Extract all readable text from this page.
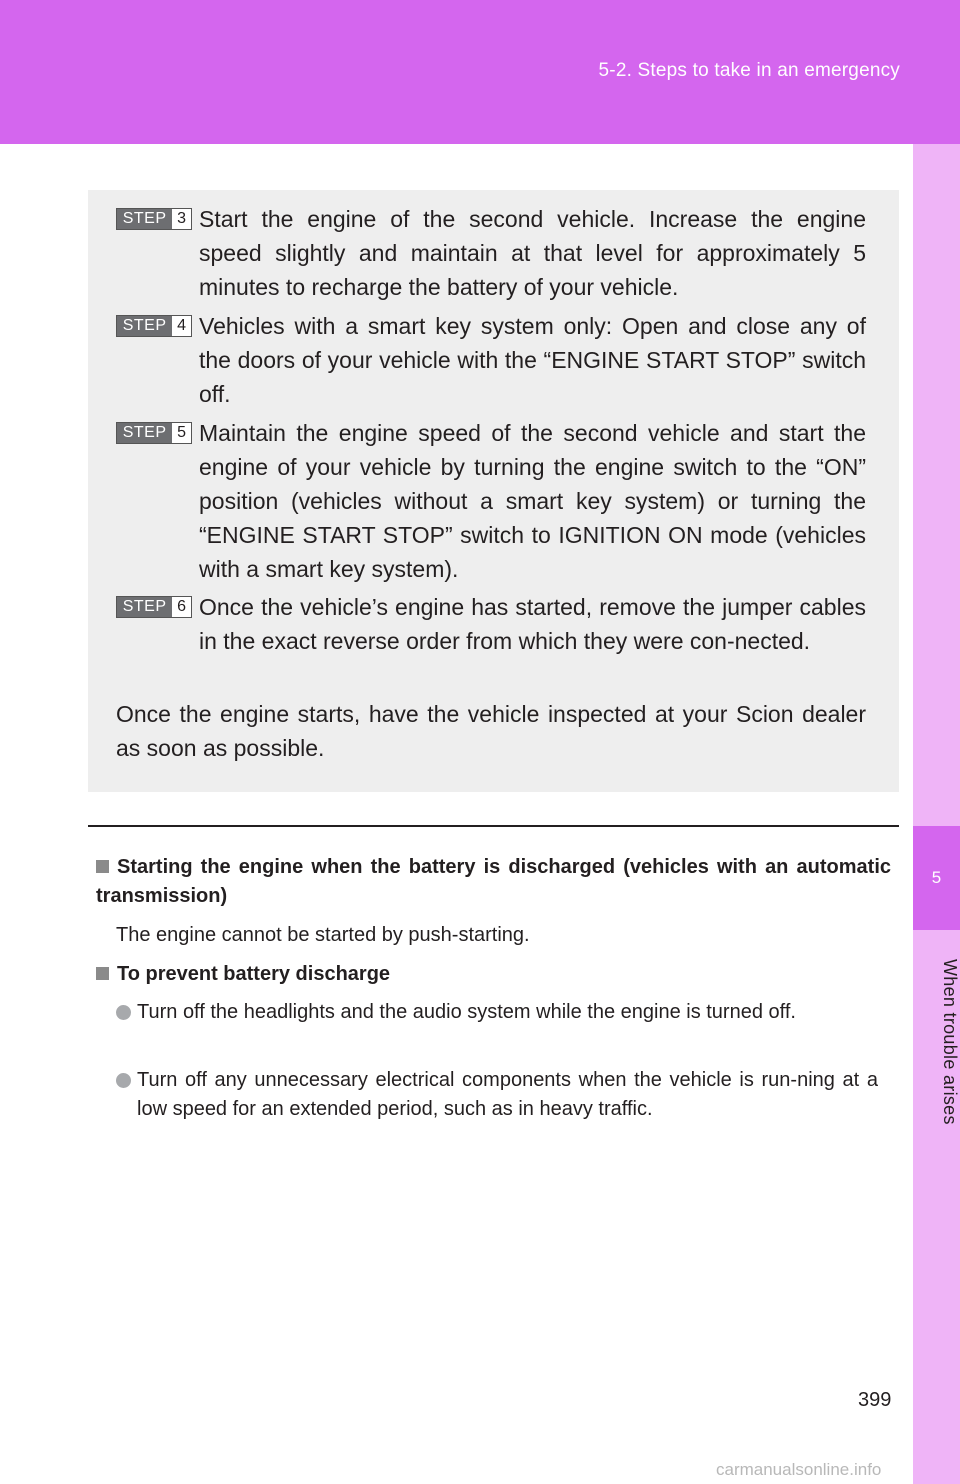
5-2. Steps to take in an emergency
5
When trouble arises
STEP 3 Start the engine of the second vehicle. Increase the engine speed slightly and maintain at that level for approximately 5 minutes to recharge the battery of your vehicle.
STEP 4 Vehicles with a smart key system only: Open and close any of the doors of your vehicle with the “ENGINE START STOP” switch off.
STEP 5 Maintain the engine speed of the second vehicle and start the engine of your vehicle by turning the engine switch to the “ON” position (vehicles without a smart key system) or turning the “ENGINE START STOP” switch to IGNITION ON mode (vehicles with a smart key system).
STEP 6 Once the vehicle’s engine has started, remove the jumper cables in the exact reverse order from which they were con-nected.
Once the engine starts, have the vehicle inspected at your Scion dealer as soon as possible.
Starting the engine when the battery is discharged (vehicles with an automatic transmission)
The engine cannot be started by push-starting.
To prevent battery discharge
Turn off the headlights and the audio system while the engine is turned off.
Turn off any unnecessary electrical components when the vehicle is run-ning at a low speed for an extended period, such as in heavy traffic.
399
carmanualsonline.info
